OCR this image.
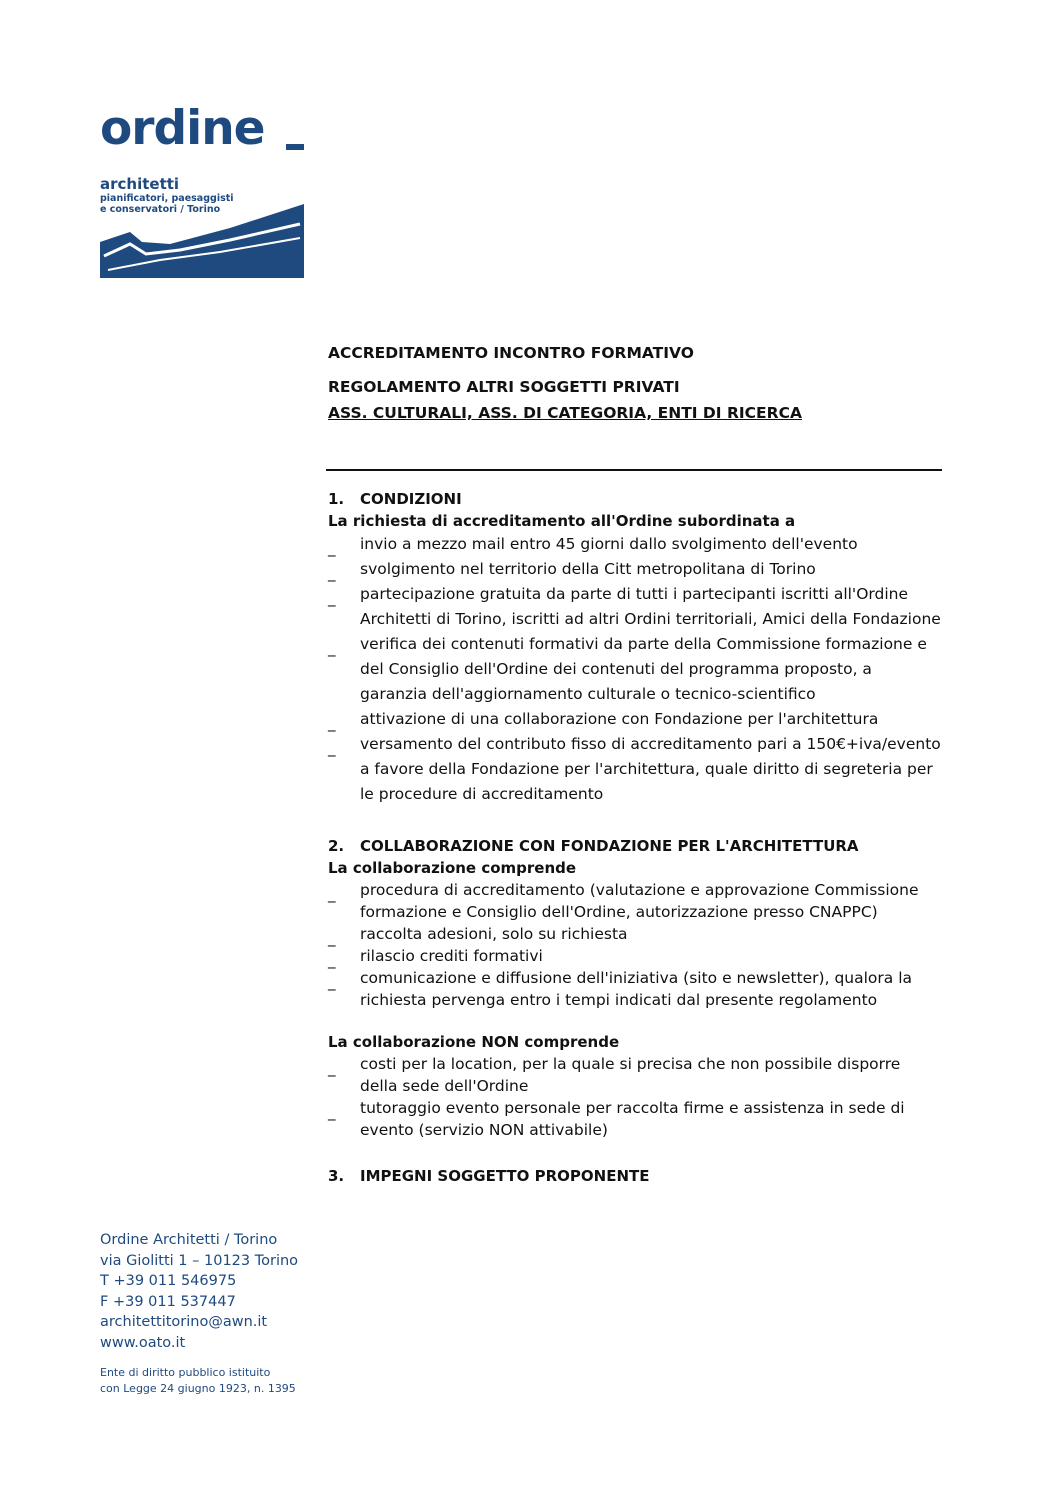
ordine
architetti
pianificatori, paesaggisti e conservatori / Torino

ACCREDITAMENTO INCONTRO FORMATIVO

REGOLAMENTO ALTRI SOGGETTI PRIVATI

ASS. CULTURALI, ASS. DI CATEGORIA, ENTI DI RICERCA

1.	CONDIZIONI

La richiesta di accreditamento all'Ordine subordinata a

_ invio a mezzo mail entro 45 giorni dallo svolgimento dell'evento
_ svolgimento nel territorio della Citt metropolitana di Torino
_ partecipazione gratuita da parte di tutti i partecipanti iscritti all'Ordine Architetti di Torino, iscritti ad altri Ordini territoriali, Amici della Fondazione
_ verifica dei contenuti formativi da parte della Commissione formazione e del Consiglio dell'Ordine dei contenuti del programma proposto, a garanzia dell'aggiornamento culturale o tecnico-scientifico
_ attivazione di una collaborazione con Fondazione per l'architettura
_ versamento del contributo fisso di accreditamento pari a 150€+iva/evento a favore della Fondazione per l'architettura, quale diritto di segreteria per le procedure di accreditamento
2.	COLLABORAZIONE CON FONDAZIONE PER L'ARCHITETTURA

La collaborazione comprende

_ procedura di accreditamento (valutazione e approvazione Commissione formazione e Consiglio dell'Ordine, autorizzazione presso CNAPPC)
_ raccolta adesioni, solo su richiesta
_ rilascio crediti formativi
_ comunicazione e diffusione dell'iniziativa (sito e newsletter), qualora la richiesta pervenga entro i tempi indicati dal presente regolamento

La collaborazione NON comprende

_ costi per la location, per la quale si precisa che non possibile disporre della sede dell'Ordine
_ tutoraggio evento personale per raccolta firme e assistenza in sede di evento (servizio NON attivabile)
3.	IMPEGNI SOGGETTO PROPONENTE
Ordine Architetti / Torino
via Giolitti 1 – 10123 Torino
T +39 011 546975
F +39 011 537447
architettitorino@awn.it
www.oato.it
Ente di diritto pubblico istituito
con Legge 24 giugno 1923, n. 1395
